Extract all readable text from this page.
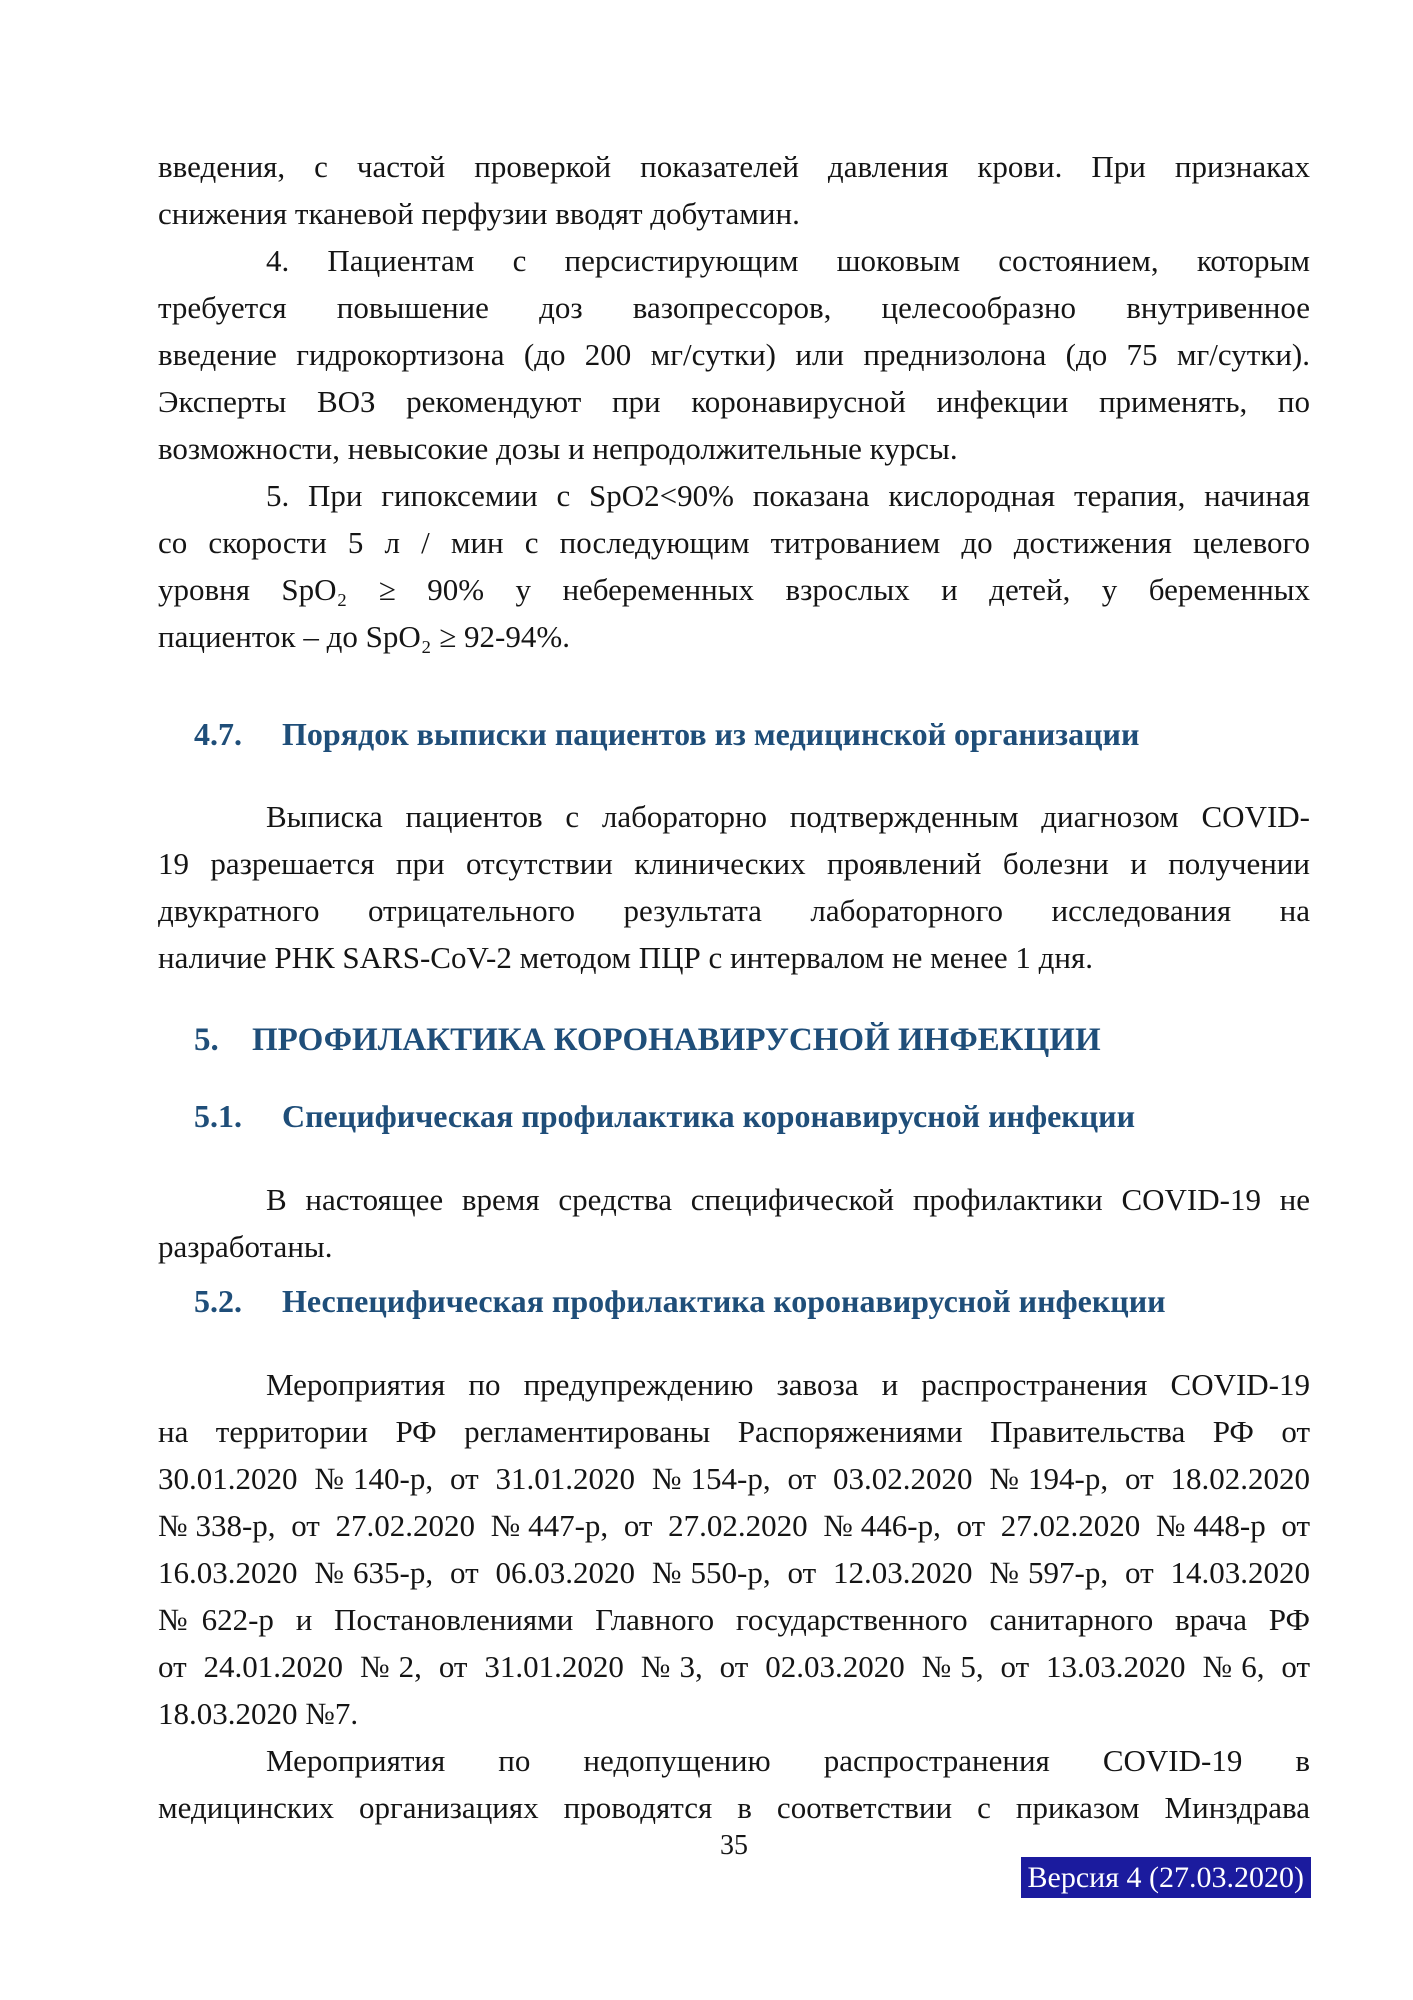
введения, с частой проверкой показателей давления крови. При признаках
снижения тканевой перфузии вводят добутамин.
4. Пациентам с персистирующим шоковым состоянием, которым
требуется повышение доз вазопрессоров, целесообразно внутривенное
введение гидрокортизона (до 200 мг/сутки) или преднизолона (до 75 мг/сутки).
Эксперты ВОЗ рекомендуют при коронавирусной инфекции применять, по
возможности, невысокие дозы и непродолжительные курсы.
5. При гипоксемии с SpO2<90% показана кислородная терапия, начиная
со скорости 5 л / мин с последующим титрованием до достижения целевого
уровня SpO₂ ≥ 90% у небеременных взрослых и детей, у беременных
пациенток – до SpO₂ ≥ 92-94%.
4.7.	Порядок выписки пациентов из медицинской организации
Выписка пациентов с лабораторно подтвержденным диагнозом COVID-
19 разрешается при отсутствии клинических проявлений болезни и получении
двукратного отрицательного результата лабораторного исследования на
наличие РНК SARS-CoV-2 методом ПЦР с интервалом не менее 1 дня.
5.	ПРОФИЛАКТИКА КОРОНАВИРУСНОЙ ИНФЕКЦИИ
5.1.	Специфическая профилактика коронавирусной инфекции
В настоящее время средства специфической профилактики COVID-19 не
разработаны.
5.2.	Неспецифическая профилактика коронавирусной инфекции
Мероприятия по предупреждению завоза и распространения COVID-19
на территории РФ регламентированы Распоряжениями Правительства РФ от
30.01.2020 №140-р, от 31.01.2020 №154-р, от 03.02.2020 №194-р, от 18.02.2020
№338-р, от 27.02.2020 №447-р, от 27.02.2020 №446-р, от 27.02.2020 №448-р от
16.03.2020 №635-р, от 06.03.2020 №550-р, от 12.03.2020 №597-р, от 14.03.2020
№622-р и Постановлениями Главного государственного санитарного врача РФ
от 24.01.2020 №2, от 31.01.2020 №3, от 02.03.2020 №5, от 13.03.2020 №6, от
18.03.2020 №7.
Мероприятия по недопущению распространения COVID-19 в
медицинских организациях проводятся в соответствии с приказом Минздрава
35
Версия 4 (27.03.2020)
